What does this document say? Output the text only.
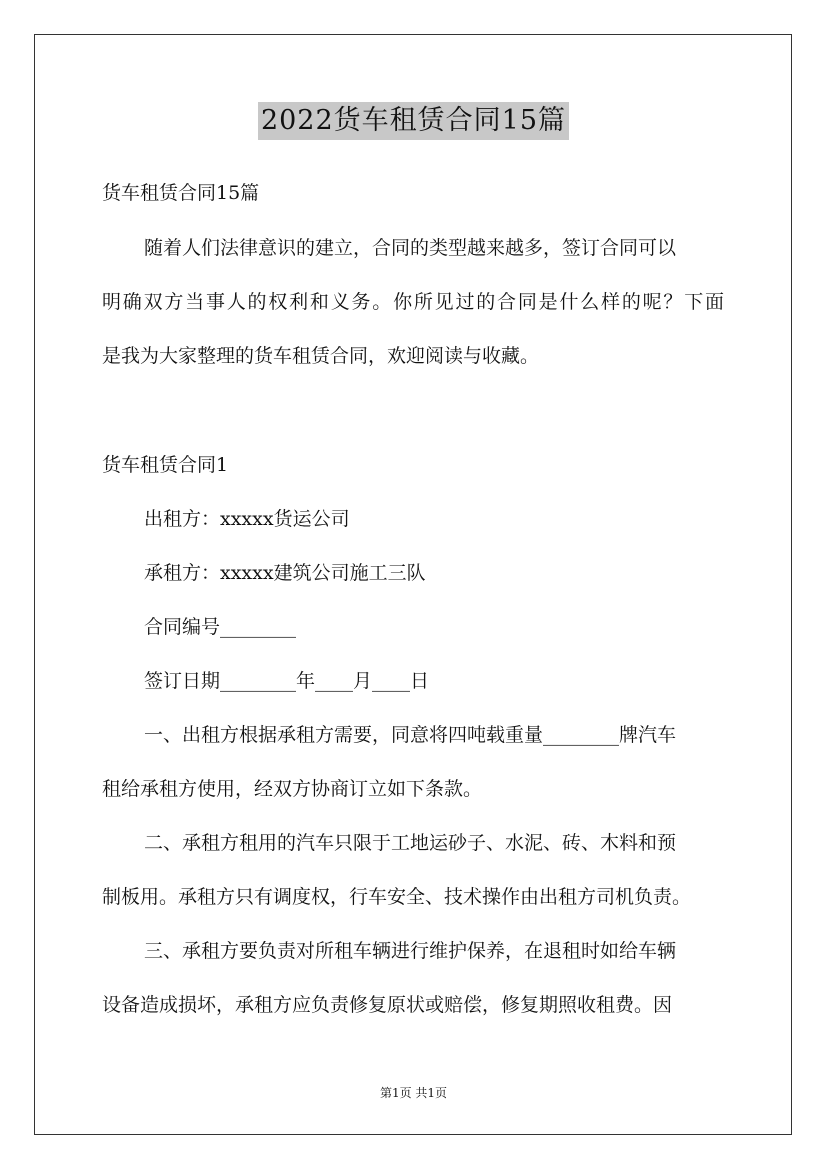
2022货车租赁合同15篇
货车租赁合同15篇
随着人们法律意识的建立，合同的类型越来越多，签订合同可以
明确双方当事人的权利和义务。你所见过的合同是什么样的呢？下面
是我为大家整理的货车租赁合同，欢迎阅读与收藏。
货车租赁合同1
出租方：xxxxx货运公司
承租方：xxxxx建筑公司施工三队
合同编号________
签订日期________年____月____日
一、出租方根据承租方需要，同意将四吨载重量________牌汽车
租给承租方使用，经双方协商订立如下条款。
二、承租方租用的汽车只限于工地运砂子、水泥、砖、木料和预
制板用。承租方只有调度权，行车安全、技术操作由出租方司机负责。
三、承租方要负责对所租车辆进行维护保养，在退租时如给车辆
设备造成损坏，承租方应负责修复原状或赔偿，修复期照收租费。因
第1页 共1页
